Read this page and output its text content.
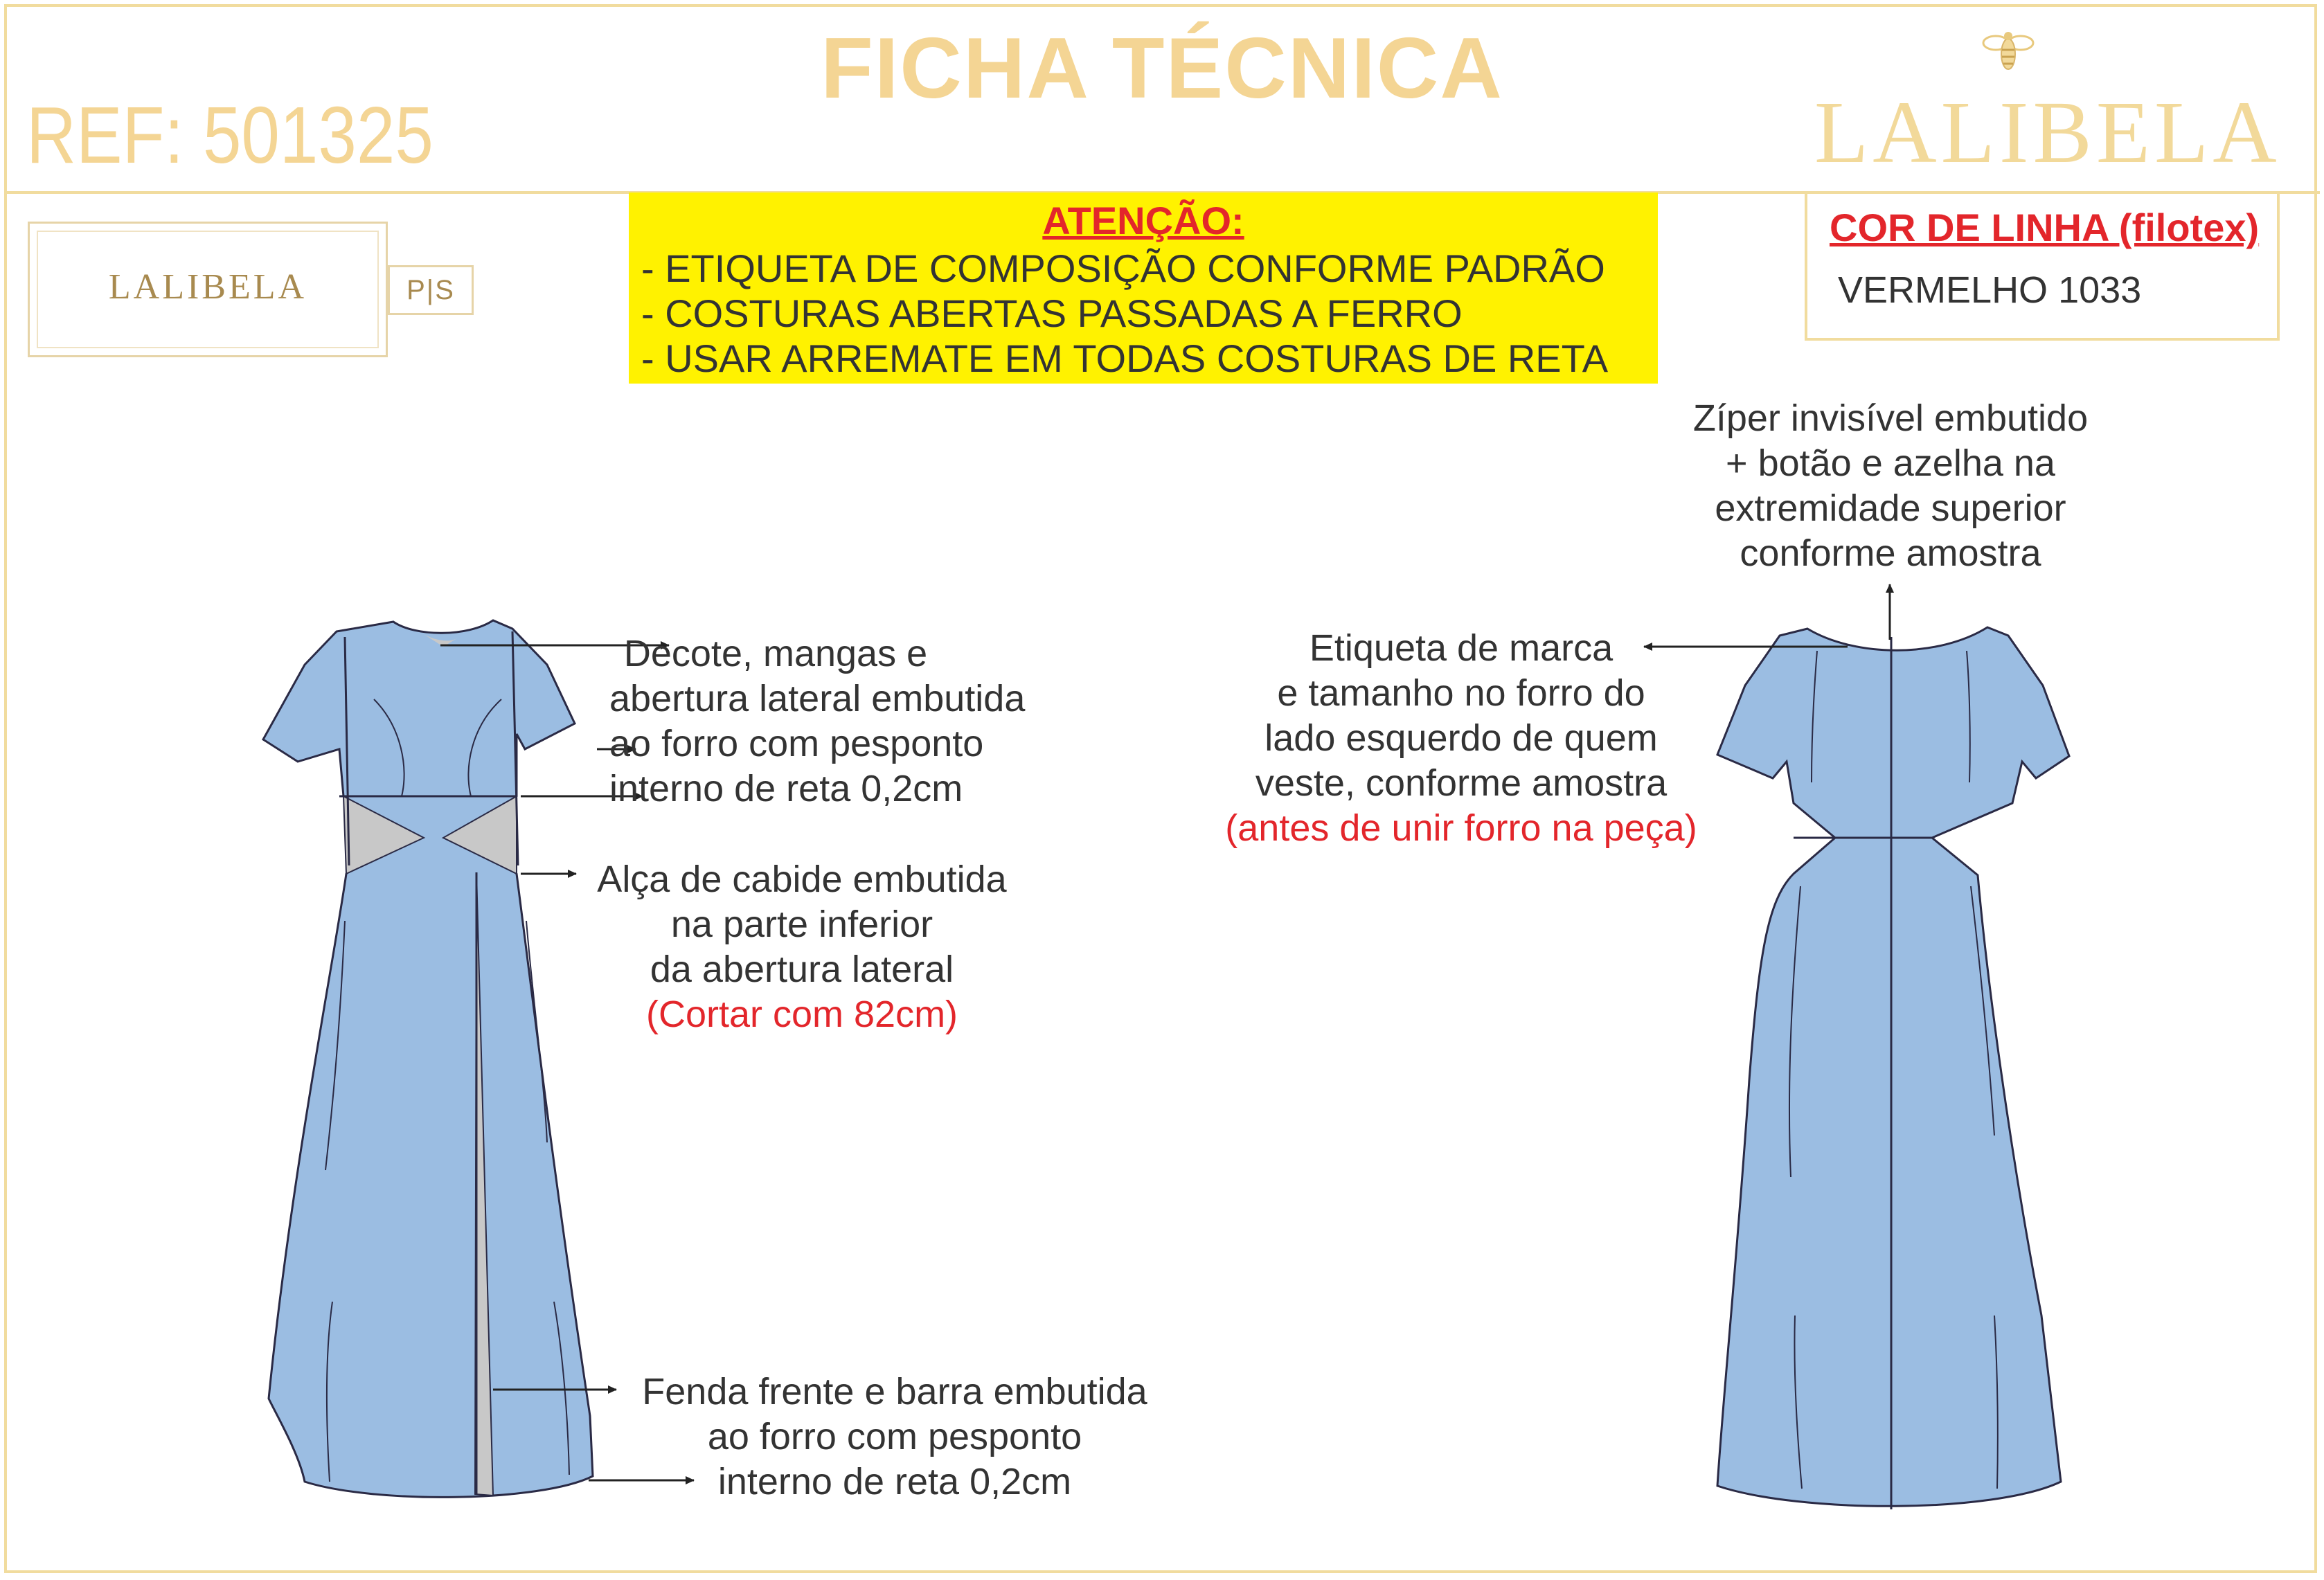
FICHA TÉCNICA
REF: 501325	LALIBELA
LALIBELA	P|S
ATENÇÃO:
- ETIQUETA DE COMPOSIÇÃO CONFORME PADRÃO
- COSTURAS ABERTAS PASSADAS A FERRO
- USAR ARREMATE EM TODAS COSTURAS DE RETA
COR DE LINHA (filotex)
VERMELHO 1033
Decote, mangas e
abertura lateral embutida
ao forro com pesponto
interno de reta 0,2cm
Alça de cabide embutida
na parte inferior
da abertura lateral
(Cortar com 82cm)
Fenda frente e barra embutida
ao forro com pesponto
interno de reta 0,2cm
Zíper invisível embutido
+ botão e azelha na
extremidade superior
conforme amostra
Etiqueta de marca
e tamanho no forro do
lado esquerdo de quem
veste, conforme amostra
(antes de unir forro na peça)
